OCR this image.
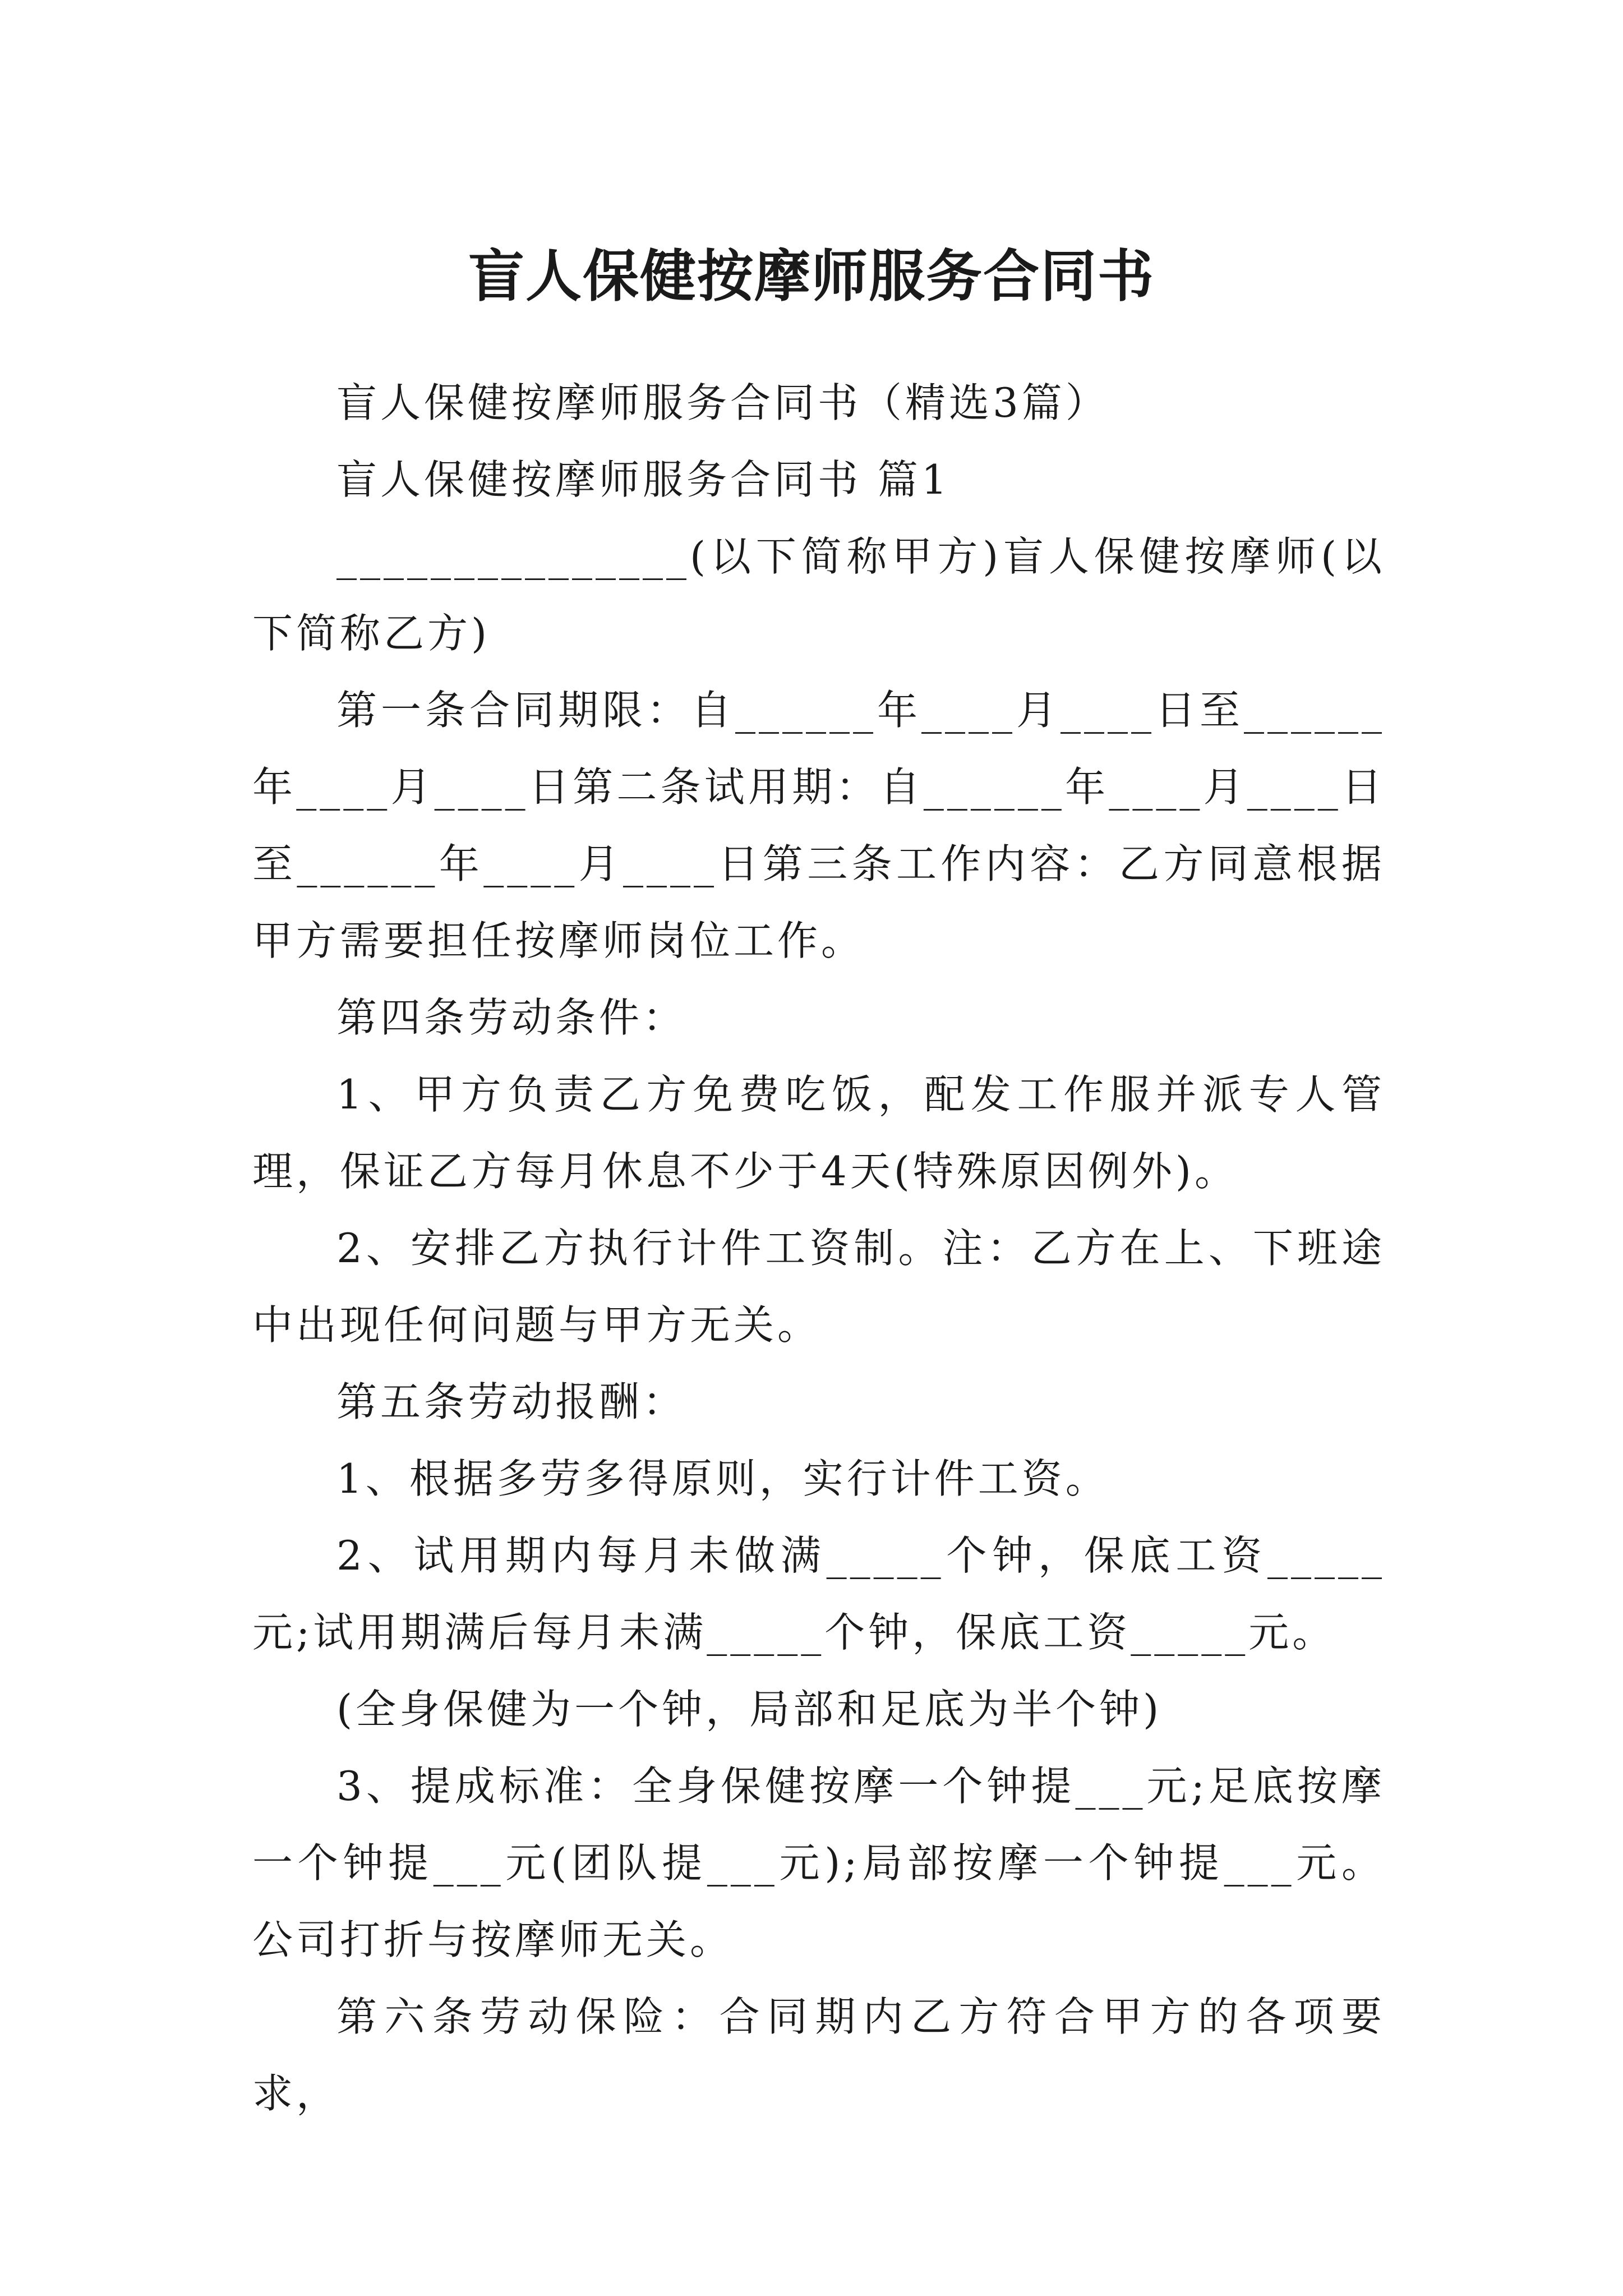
盲人保健按摩师服务合同书

盲人保健按摩师服务合同书（精选3篇）

盲人保健按摩师服务合同书 篇1

_______________(以下简称甲方)盲人保健按摩师(以下简称乙方)

第一条合同期限：自______年____月____日至______年____月____日第二条试用期：自______年____月____日至______年____月____日第三条工作内容：乙方同意根据甲方需要担任按摩师岗位工作。

第四条劳动条件：

1、甲方负责乙方免费吃饭，配发工作服并派专人管理，保证乙方每月休息不少于4天(特殊原因例外)。

2、安排乙方执行计件工资制。注：乙方在上、下班途中出现任何问题与甲方无关。

第五条劳动报酬：

1、根据多劳多得原则，实行计件工资。

2、试用期内每月未做满_____个钟，保底工资_____元;试用期满后每月未满_____个钟，保底工资_____元。

(全身保健为一个钟，局部和足底为半个钟)

3、提成标准：全身保健按摩一个钟提___元;足底按摩一个钟提___元(团队提___元);局部按摩一个钟提___元。公司打折与按摩师无关。

第六条劳动保险：合同期内乙方符合甲方的各项要求，
